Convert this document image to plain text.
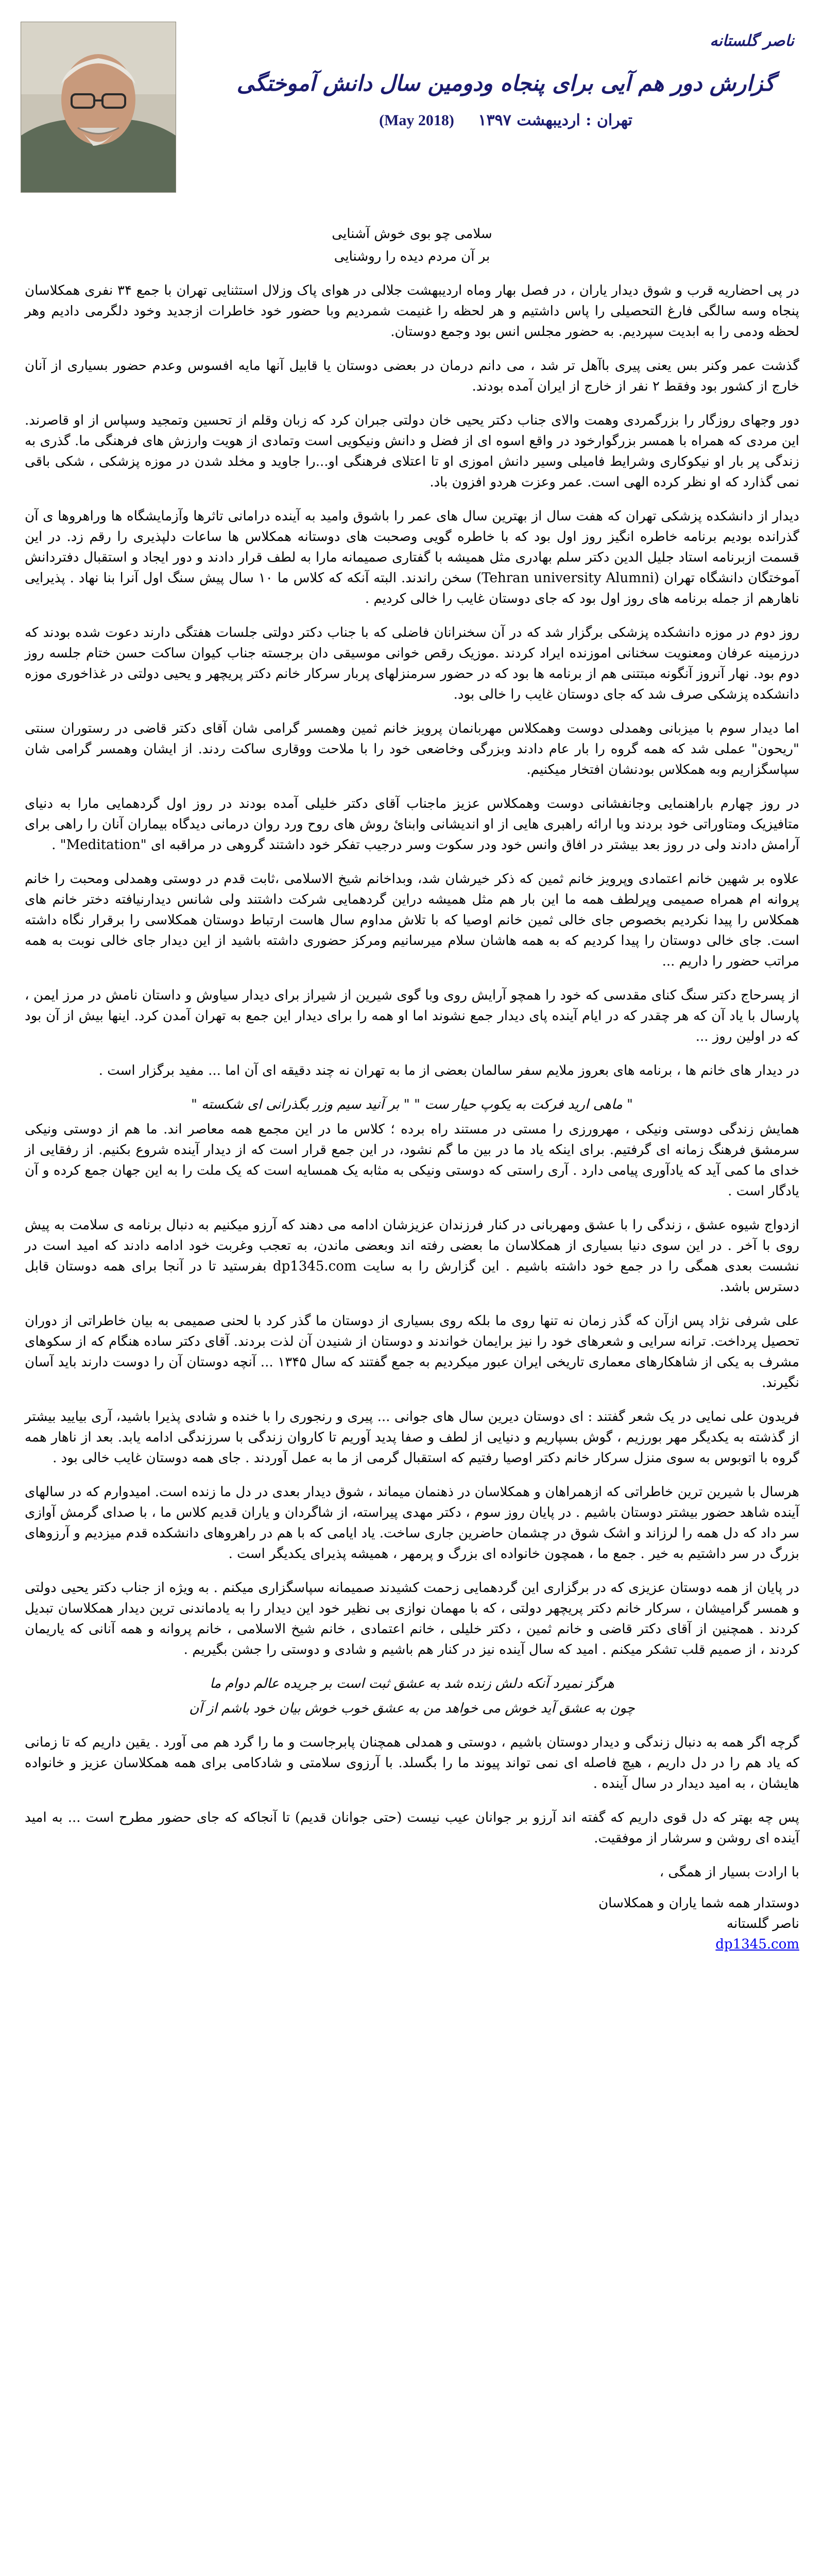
ناصر گلستانه
گزارش دور هم آیی برای پنجاه ودومین سال دانش آموختگی
تهران : اردیبهشت ۱۳۹۷ (May 2018)

سلامی چو بوی خوش آشنایی

بر آن مردم دیده را روشنایی

در پی احضاریه قرب و شوق دیدار یاران ، در فصل بهار وماه اردیبهشت جلالی در هوای پاک وزلال استثنایی تهران با جمع ۳۴ نفری همکلاسان پنجاه وسه سالگی فارغ التحصیلی را پاس داشتیم و هر لحظه را غنیمت شمردیم وبا حضور خود خاطرات ازجدید وخود دلگرمی دادیم وهر لحظه ودمی را به ابدیت سپردیم. به حضور مجلس انس بود وجمع دوستان.

گذشت عمر وکنر بس یعنی پیری باآهل تر شد ، می دانم درمان در بعضی دوستان یا قابیل آنها مایه افسوس وعدم حضور بسیاری از آنان خارج از کشور بود وفقط ۲ نفر از خارج از ایران آمده بودند.

دور وجهای روزگار را بزرگمردی وهمت والای جناب دکتر یحیی خان دولتی جبران کرد که زبان وقلم از تحسین وتمجید وسپاس از او قاصرند. این مردی که همراه با همسر بزرگوارخود در واقع اسوه ای از فضل و دانش ونیکویی است وتمادی از هویت وارزش های فرهنگی ما. گذری به زندگی پر بار او نیکوکاری وشرایط فامیلی وسیر دانش اموزی او تا اعتلای فرهنگی او...را جاوید و مخلد شدن در موزه پزشکی ، شکی باقی نمی گذارد که او نظر کرده الهی است. عمر وعزت هردو افزون باد.

دیدار از دانشکده پزشکی تهران که هفت سال از بهترین سال های عمر را باشوق وامید به آینده درامانی تاثرها وآزمایشگاه ها وراهروها ی آن گذرانده بودیم برنامه خاطره انگیز روز اول بود که با خاطره گویی وصحبت های دوستانه همکلاس ها ساعات دلپذیری را رقم زد. در این قسمت ازبرنامه استاد جلیل الدین دکتر سلم بهادری مثل همیشه با گفتاری صمیمانه مارا به لطف قرار دادند و دور ایجاد و استقبال دفتردانش آموختگان دانشگاه تهران (Tehran university Alumni) سخن راندند. البته آنکه که کلاس ما ۱۰ سال پیش سنگ اول آنرا بنا نهاد . پذیرایی ناهارهم از جمله برنامه های روز اول بود که جای دوستان غایب را خالی کردیم .

روز دوم در موزه دانشکده پزشکی برگزار شد که در آن سخنرانان فاضلی که با جناب دکتر دولتی جلسات هفتگی دارند دعوت شده بودند که درزمینه عرفان ومعنویت سخنانی اموزنده ایراد کردند .موزیک رقص خوانی موسیقی دان برجسته جناب کیوان ساکت حسن ختام جلسه روز دوم بود. نهار آنروز آنگونه مبتتنی هم از برنامه ها بود که در حضور سرمنزلهای پربار سرکار خانم دکتر پریچهر و یحیی دولتی در غذاخوری موزه دانشکده پزشکی صرف شد که جای دوستان غایب را خالی بود.

اما دیدار سوم با میزبانی وهمدلی دوست وهمکلاس مهربانمان پرویز خانم ثمین وهمسر گرامی شان آقای دکتر قاضی در رستوران سنتی "ریحون" عملی شد که همه گروه را بار عام دادند وبزرگی وخاضعی خود را با ملاحت ووقاری ساکت ردند. از ایشان وهمسر گرامی شان سپاسگزاریم وبه همکلاس بودنشان افتخار میکنیم.

در روز چهارم باراهنمایی وجانفشانی دوست وهمکلاس عزیز ماجناب آقای دکتر خلیلی آمده بودند در روز اول گردهمایی مارا به دنیای متافیزیک ومتاوراتی خود بردند وبا ارائه راهبری هایی از او اندیشانی وابنائ روش های روح ورد روان درمانی دیدگاه بیماران آنان را راهی برای آرامش دادند ولی در روز بعد بیشتر در افاق وانس خود ودر سکوت وسر درجیب تفکر خود داشتند گروهی در مراقبه ای "Meditation" .

علاوه بر شهین خانم اعتمادی وپرویز خانم ثمین که ذکر خیرشان شد، وبداخانم شیخ الاسلامی ،ثابت قدم در دوستی وهمدلی ومحبت را خانم پروانه ام همراه صمیمی وپرلطف همه ما این بار هم مثل همیشه دراین گردهمایی شرکت داشتند ولی شانس دیدارنیافته دختر خانم های همکلاس را پیدا نکردیم بخصوص جای خالی ثمین خانم اوصیا که با تلاش مداوم سال هاست ارتباط دوستان همکلاسی را برقرار نگاه داشته است. جای خالی دوستان را پیدا کردیم که به همه هاشان سلام میرسانیم ومرکز حضوری داشته باشید از این دیدار جای خالی نوبت به همه مراتب حضور را داریم ...

از پسرحاج دکتر سنگ کنای مقدسی که خود را همچو آرایش روی وبا گوی شیرین از شیراز برای دیدار سیاوش و داستان نامش در مرز ایمن ، پارسال با یاد آن که هر چقدر که در ایام آینده پای دیدار جمع نشوند اما او همه را برای دیدار این جمع به تهران آمدن کرد. اینها بیش از آن بود که در اولین روز ...

در دیدار های خانم ها ، برنامه های بعروز ملایم سفر سالمان بعضی از ما به تهران نه چند دقیقه ای آن اما ... مفید برگزار است .

" ماهی ارید فرکت به یکوپ حیار ست " " بر آنید سیم وزر بگذرانی ای شکسته "

همایش زندگی دوستی ونیکی ، مهرورزی را مستی در مستند راه برده ؛ کلاس ما در این مجمع همه معاصر اند. ما هم از دوستی ونیکی سرمشق فرهنگ زمانه ای گرفتیم. برای اینکه یاد ما در بین ما گم نشود، در این جمع قرار است که از دیدار آینده شروع بکنیم. از رفقایی از خدای ما کمی آید که یادآوری پیامی دارد . آری راستی که دوستی ونیکی به مثابه یک همسایه است که یک ملت را به این جهان جمع کرده و آن یادگار است .

ازدواج شیوه عشق ، زندگی را با عشق ومهربانی در کنار فرزندان عزیزشان ادامه می دهند که آرزو میکنیم به دنبال برنامه ی سلامت به پیش روی با آخر . در این سوی دنیا بسیاری از همکلاسان ما بعضی رفته اند وبعضی ماندن، به تعجب وغربت خود ادامه دادند که امید است در نشست بعدی همگی را در جمع خود داشته باشیم . این گزارش را به سایت dp1345.com بفرستید تا در آنجا برای همه دوستان قابل دسترس باشد.

علی شرفی نژاد پس ازآن که گذر زمان نه تنها روی ما بلکه روی بسیاری از دوستان ما گذر کرد با لحنی صمیمی به بیان خاطراتی از دوران تحصیل پرداخت. ترانه سرایی و شعرهای خود را نیز برایمان خواندند و دوستان از شنیدن آن لذت بردند. آقای دکتر ساده هنگام که از سکوهای مشرف به یکی از شاهکارهای معماری تاریخی ایران عبور میکردیم به جمع گفتند که سال ۱۳۴۵ ... آنچه دوستان آن را دوست دارند باید آسان نگیرند.

فریدون علی نمایی در یک شعر گفتند : ای دوستان دیرین سال های جوانی ... پیری و رنجوری را با خنده و شادی پذیرا باشید، آری بیایید بیشتر از گذشته به یکدیگر مهر بورزیم ، گوش بسپاریم و دنیایی از لطف و صفا پدید آوریم تا کاروان زندگی با سرزندگی ادامه یابد. بعد از ناهار همه گروه با اتوبوس به سوی منزل سرکار خانم دکتر اوصیا رفتیم که استقبال گرمی از ما به عمل آوردند . جای همه دوستان غایب خالی بود .

هرسال با شیرین ترین خاطراتی که ازهمراهان و همکلاسان در ذهنمان میماند ، شوق دیدار بعدی در دل ما زنده است. امیدوارم که در سالهای آینده شاهد حضور بیشتر دوستان باشیم . در پایان روز سوم ، دکتر مهدی پیراسته، از شاگردان و یاران قدیم کلاس ما ، با صدای گرمش آوازی سر داد که دل همه را لرزاند و اشک شوق در چشمان حاضرین جاری ساخت. یاد ایامی که با هم در راهروهای دانشکده قدم میزدیم و آرزوهای بزرگ در سر داشتیم به خیر . جمع ما ، همچون خانواده ای بزرگ و پرمهر ، همیشه پذیرای یکدیگر است .

در پایان از همه دوستان عزیزی که در برگزاری این گردهمایی زحمت کشیدند صمیمانه سپاسگزاری میکنم . به ویژه از جناب دکتر یحیی دولتی و همسر گرامیشان ، سرکار خانم دکتر پریچهر دولتی ، که با مهمان نوازی بی نظیر خود این دیدار را به یادماندنی ترین دیدار همکلاسان تبدیل کردند . همچنین از آقای دکتر قاضی و خانم ثمین ، دکتر خلیلی ، خانم اعتمادی ، خانم شیخ الاسلامی ، خانم پروانه و همه آنانی که یاریمان کردند ، از صمیم قلب تشکر میکنم . امید که سال آینده نیز در کنار هم باشیم و شادی و دوستی را جشن بگیریم .

هرگز نمیرد آنکه دلش زنده شد به عشق ثبت است بر جریده عالم دوام ما

چون به عشق آید خوش می خواهد من به عشق خوب خوش بیان خود باشم از آن

گرچه اگر همه به دنبال زندگی و دیدار دوستان باشیم ، دوستی و همدلی همچنان پابرجاست و ما را گرد هم می آورد . یقین داریم که تا زمانی که یاد هم را در دل داریم ، هیچ فاصله ای نمی تواند پیوند ما را بگسلد. با آرزوی سلامتی و شادکامی برای همه همکلاسان عزیز و خانواده هایشان ، به امید دیدار در سال آینده .

پس چه بهتر که دل قوی داریم که گفته اند آرزو بر جوانان عیب نیست (حتی جوانان قدیم) تا آنجاکه که جای حضور مطرح است ... به امید آینده ای روشن و سرشار از موفقیت.

با ارادت بسیار از همگی ،

دوستدار همه شما یاران و همکلاسان
ناصر گلستانه
dp1345.com
